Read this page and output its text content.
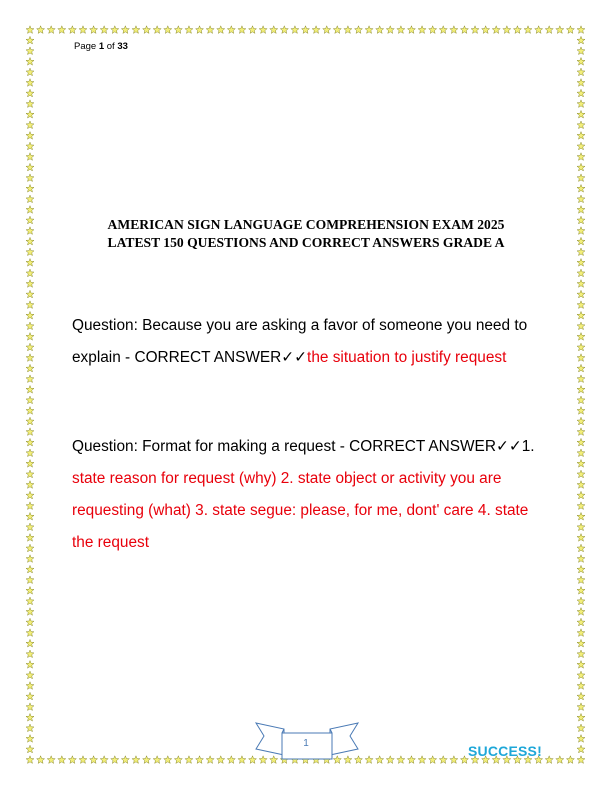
Page 1 of 33
AMERICAN SIGN LANGUAGE COMPREHENSION EXAM 2025
LATEST 150 QUESTIONS AND CORRECT ANSWERS GRADE A
Question: Because you are asking a favor of someone you need to explain - CORRECT ANSWER✓✓the situation to justify request
Question: Format for making a request - CORRECT ANSWER✓✓1. state reason for request (why) 2. state object or activity you are requesting (what) 3. state segue: please, for me, dont' care 4. state the request
1	SUCCESS!
